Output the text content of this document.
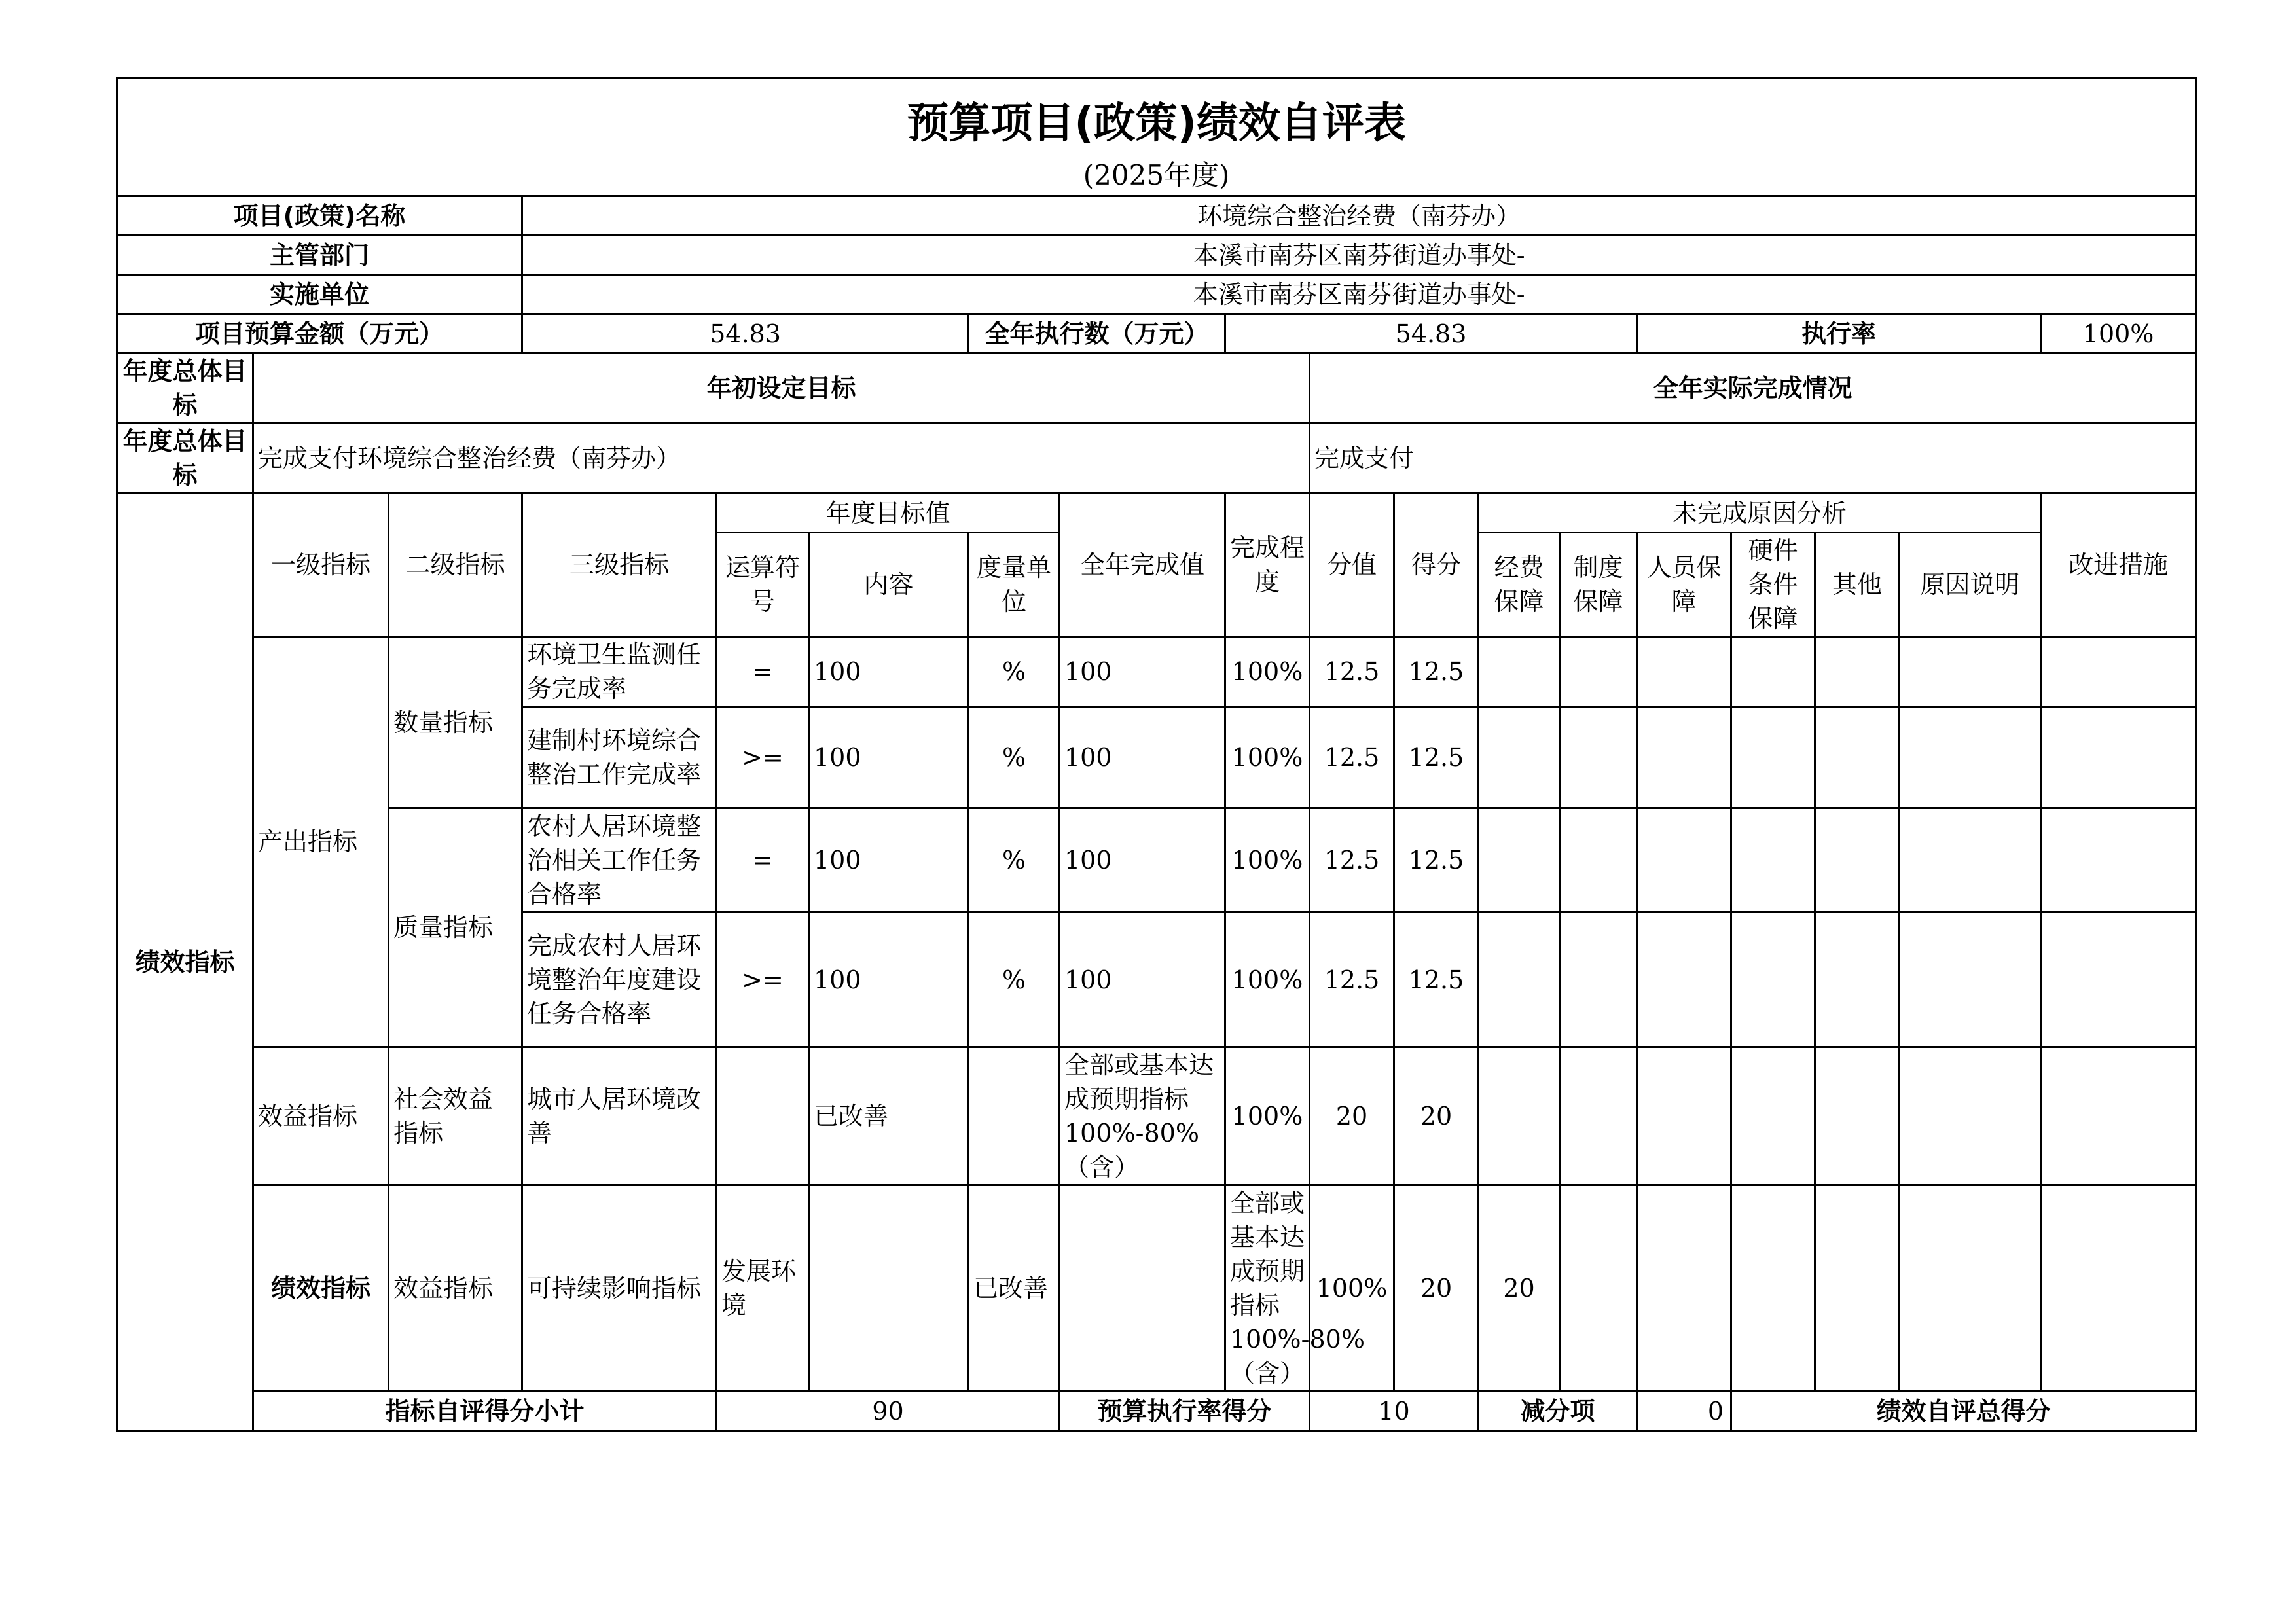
预算项目(政策)绩效自评表																		

(2025年度)																		
项目(政策)名称			环境综合整治经费（南芬办）															
主管部门			本溪市南芬区南芬街道办事处-															
实施单位			本溪市南芬区南芬街道办事处-															
项目预算金额（万元）			54.83			全年执行数（万元）		54.83					执行率				100%	
年度总体目标	年初设定目标								全年实际完成情况									
年度总体目标	完成支付环境综合整治经费（南芬办）								完成支付									
绩效指标	一级指标	二级指标	三级指标	年度目标值			全年完成值	完成程度	分值	得分	未完成原因分析						改进措施	
				运算符号	内容	度量单位					经费保障	制度保障	人员保障	硬件条件保障	其他	原因说明		
	产出指标	数量指标	环境卫生监测任务完成率	=	100	%	100	100%	12.5	12.5								
			建制村环境综合整治工作完成率	>=	100	%	100	100%	12.5	12.5								
		质量指标	农村人居环境整治相关工作任务合格率	=	100	%	100	100%	12.5	12.5								
			完成农村人居环境整治年度建设任务合格率	>=	100	%	100	100%	12.5	12.5								
	效益指标	社会效益指标	城市人居环境改善		已改善		全部或基本达成预期指标100%-80%（含）	100%	20	20								
	绩效指标	效益指标	可持续影响指标	发展环境		已改善		全部或基本达成预期指标100%-80%（含）	100%	20	20							
	指标自评得分小计			90			预算执行率得分		10		减分项		0	绩效自评总得分	
